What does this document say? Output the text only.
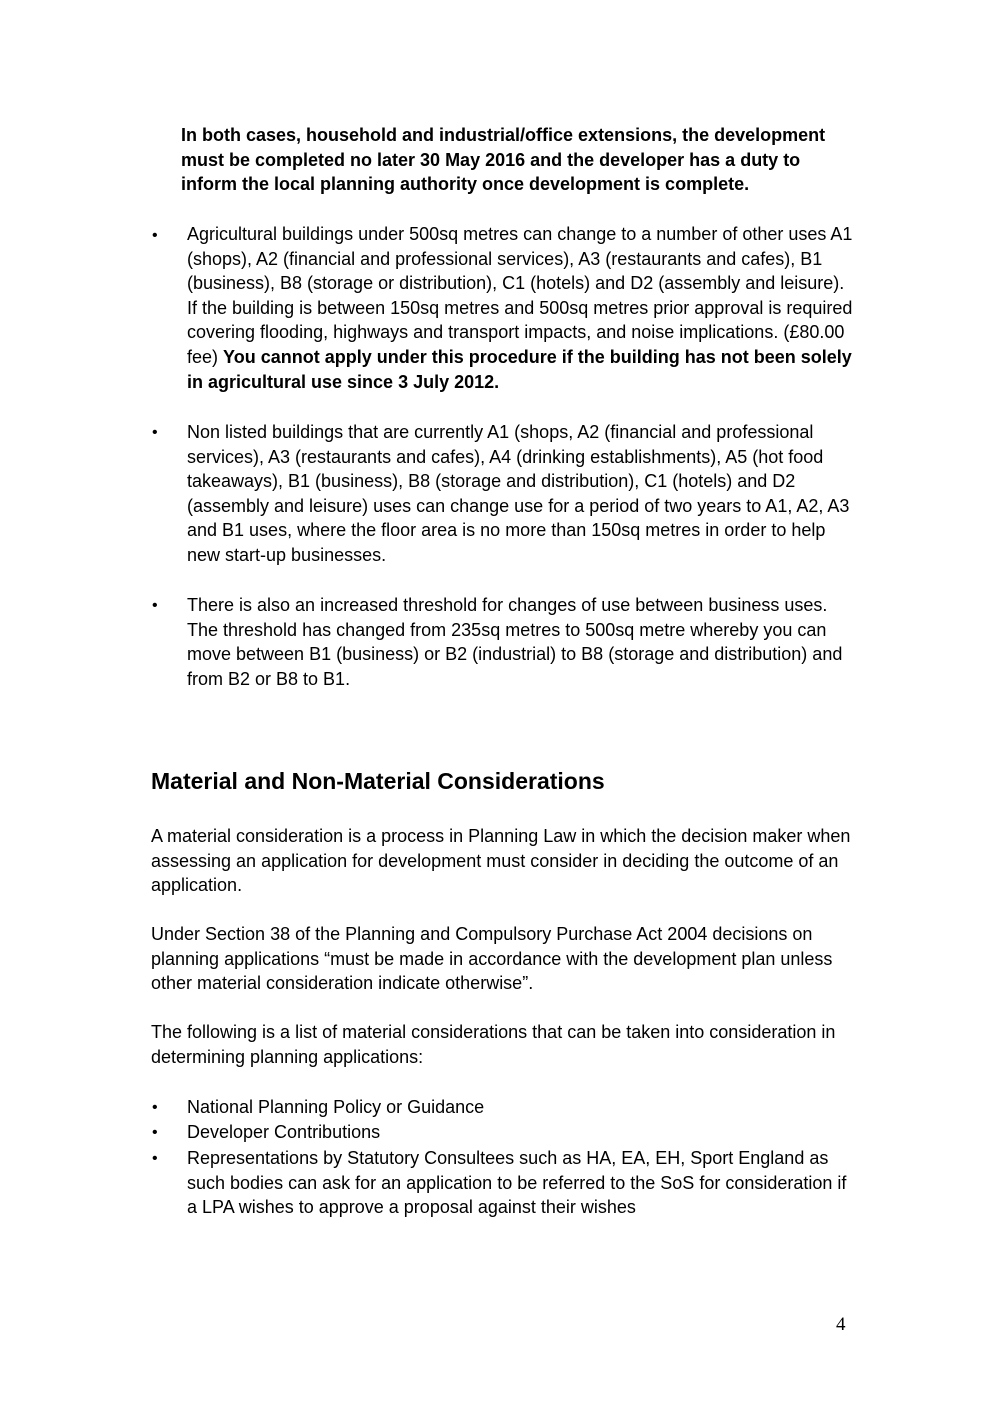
In both cases, household and industrial/office extensions, the development must be completed no later 30 May 2016 and the developer has a duty to inform the local planning authority once development is complete.

• Agricultural buildings under 500sq metres can change to a number of other uses A1 (shops), A2 (financial and professional services), A3 (restaurants and cafes), B1 (business), B8 (storage or distribution), C1 (hotels) and D2 (assembly and leisure). If the building is between 150sq metres and 500sq metres prior approval is required covering flooding, highways and transport impacts, and noise implications. (£80.00 fee) You cannot apply under this procedure if the building has not been solely in agricultural use since 3 July 2012.

• Non listed buildings that are currently A1 (shops, A2 (financial and professional services), A3 (restaurants and cafes), A4 (drinking establishments), A5 (hot food takeaways), B1 (business), B8 (storage and distribution), C1 (hotels) and D2 (assembly and leisure) uses can change use for a period of two years to A1, A2, A3 and B1 uses, where the floor area is no more than 150sq metres in order to help new start-up businesses.

• There is also an increased threshold for changes of use between business uses. The threshold has changed from 235sq metres to 500sq metre whereby you can move between B1 (business) or B2 (industrial) to B8 (storage and distribution) and from B2 or B8 to B1.

Material and Non-Material Considerations

A material consideration is a process in Planning Law in which the decision maker when assessing an application for development must consider in deciding the outcome of an application.

Under Section 38 of the Planning and Compulsory Purchase Act 2004 decisions on planning applications “must be made in accordance with the development plan unless other material consideration indicate otherwise”.

The following is a list of material considerations that can be taken into consideration in determining planning applications:

• National Planning Policy or Guidance

• Developer Contributions

• Representations by Statutory Consultees such as HA, EA, EH, Sport England as such bodies can ask for an application to be referred to the SoS for consideration if a LPA wishes to approve a proposal against their wishes

4
